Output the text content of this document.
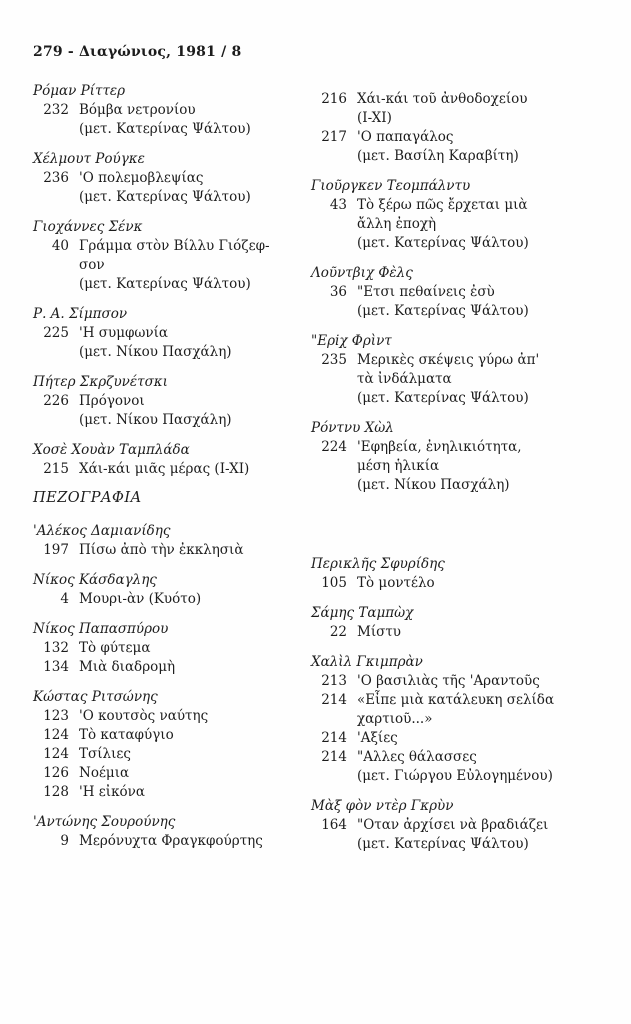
279 - Διαγώνιος, 1981 / 8
Ρόμαν Ρίττερ
232 Βόμβα νετρονίου
(μετ. Κατερίνας Ψάλτου)
Χέλμουτ Ρούγκε
236 'Ο πολεμοβλεψίας
(μετ. Κατερίνας Ψάλτου)
Γιοχάννες Σένκ
40 Γράμμα στὸν Βίλλυ Γιόζεφ-
σον
(μετ. Κατερίνας Ψάλτου)
Ρ. Α. Σίμπσον
225 'Η συμφωνία
(μετ. Νίκου Πασχάλη)
Πήτερ Σκρζυνέτσκι
226 Πρόγονοι
(μετ. Νίκου Πασχάλη)
Χοσὲ Χουὰν Ταμπλάδα
215 Χάι-κάι μιᾶς μέρας (I-XI)
ΠΕΖΟΓΡΑΦΙΑ
'Αλέκος Δαμιανίδης
197 Πίσω ἀπὸ τὴν ἐκκλησιὰ
Νίκος Κάσδαγλης
4 Μουρι-ὰν (Κυότο)
Νίκος Παπασπύρου
132 Τὸ φύτεμα
134 Μιὰ διαδρομὴ
Κώστας Ριτσώνης
123 'Ο κουτσὸς ναύτης
124 Τὸ καταφύγιο
124 Τσίλιες
126 Νοέμια
128 'Η εἰκόνα
'Αντώνης Σουρούνης
9 Μερόνυχτα Φραγκφούρτης
216 Χάι-κάι τοῦ ἀνθοδοχείου
(I-XI)
217 'Ο παπαγάλος
(μετ. Βασίλη Καραβίτη)
Γιοῦργκεν Τεομπάλντυ
43 Τὸ ξέρω πῶς ἔρχεται μιὰ
ἄλλη ἐποχὴ
(μετ. Κατερίνας Ψάλτου)
Λοῦντβιχ Φὲλς
36 "Ετσι πεθαίνεις ἐσὺ
(μετ. Κατερίνας Ψάλτου)
"Ερiχ Φρὶντ
235 Μερικὲς σκέψεις γύρω ἀπ'
τὰ ἰνδάλματα
(μετ. Κατερίνας Ψάλτου)
Ρόντνυ Χὼλ
224 'Εφηβεία, ἐνηλικιότητα,
μέση ἡλικία
(μετ. Νίκου Πασχάλη)
Περικλῆς Σφυρίδης
105 Τὸ μοντέλο
Σάμης Ταμπὼχ
22 Μίστυ
Χαλὶλ Γκιμπρὰν
213 'Ο βασιλιὰς τῆς 'Αραντοῦς
214 «Εἶπε μιὰ κατάλευκη σελίδα
χαρτιοῦ...»
214 'Αξίες
214 "Αλλες θάλασσες
(μετ. Γιώργου Εὐλογημένου)
Μὰξ φὸν ντὲρ Γκρὺν
164 "Οταν ἀρχίσει νὰ βραδιάζει
(μετ. Κατερίνας Ψάλτου)
